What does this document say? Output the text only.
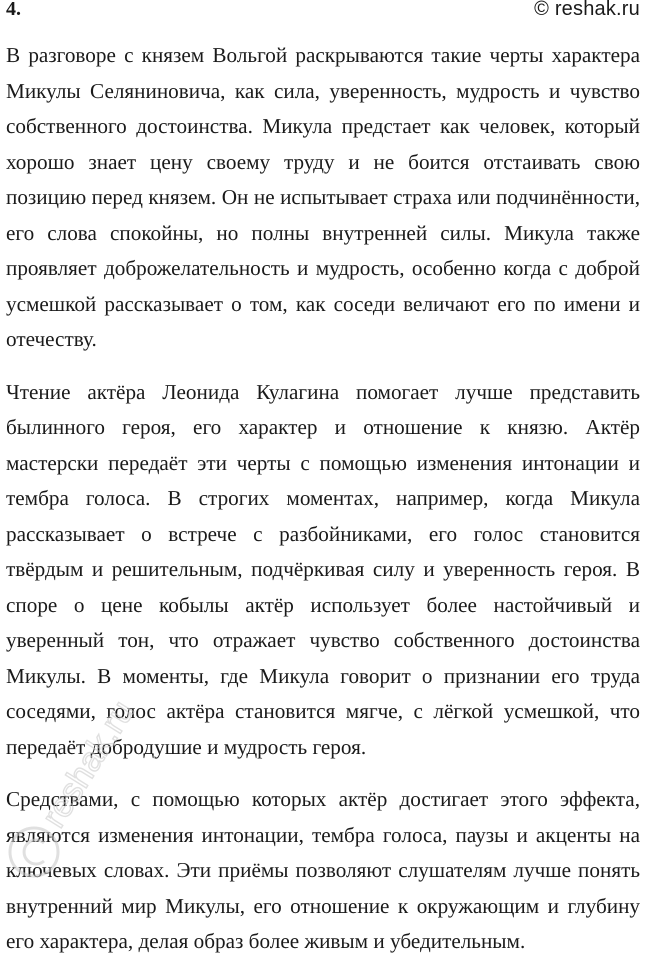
4.	© reshak.ru

В разговоре с князем Вольгой раскрываются такие черты характера Микулы Селяниновича, как сила, уверенность, мудрость и чувство собственного достоинства. Микула предстает как человек, который хорошо знает цену своему труду и не боится отстаивать свою позицию перед князем. Он не испытывает страха или подчинённости, его слова спокойны, но полны внутренней силы. Микула также проявляет доброжелательность и мудрость, особенно когда с доброй усмешкой рассказывает о том, как соседи величают его по имени и отечеству.

Чтение актёра Леонида Кулагина помогает лучше представить былинного героя, его характер и отношение к князю. Актёр мастерски передаёт эти черты с помощью изменения интонации и тембра голоса. В строгих моментах, например, когда Микула рассказывает о встрече с разбойниками, его голос становится твёрдым и решительным, подчёркивая силу и уверенность героя. В споре о цене кобылы актёр использует более настойчивый и уверенный тон, что отражает чувство собственного достоинства Микулы. В моменты, где Микула говорит о признании его труда соседями, голос актёра становится мягче, с лёгкой усмешкой, что передаёт добродушие и мудрость героя.

Средствами, с помощью которых актёр достигает этого эффекта, являются изменения интонации, тембра голоса, паузы и акценты на ключевых словах. Эти приёмы позволяют слушателям лучше понять внутренний мир Микулы, его отношение к окружающим и глубину его характера, делая образ более живым и убедительным.

reshak.ru
